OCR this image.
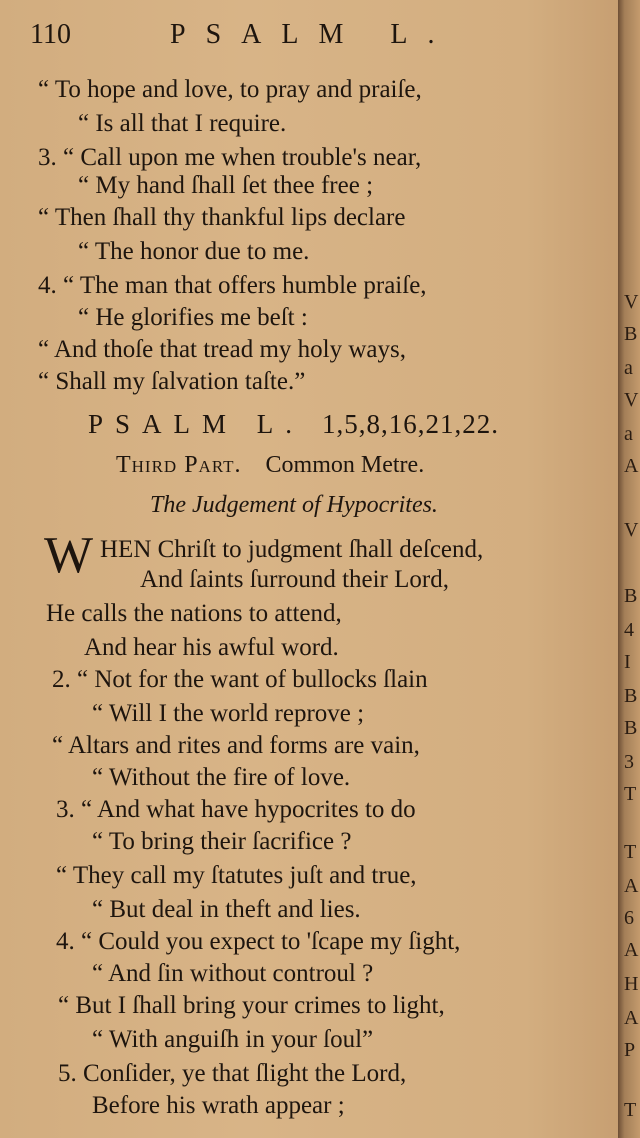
110	PSALM L.
“ To hope and love, to pray and praiſe,
“ Is all that I require.
3. “ Call upon me when trouble's near,
“ My hand ſhall ſet thee free ;
“ Then ſhall thy thankful lips declare
“ The honor due to me.
4. “ The man that offers humble praiſe,
“ He glorifies me beſt :
“ And thoſe that tread my holy ways,
“ Shall my ſalvation taſte.”
PSALM L. 1,5,8,16,21,22.
Third Part. Common Metre.
The Judgement of Hypocrites.
W HEN Chriſt to judgment ſhall deſcend,
And ſaints ſurround their Lord,
He calls the nations to attend,
And hear his awful word.
2. “ Not for the want of bullocks ſlain
“ Will I the world reprove ;
“ Altars and rites and forms are vain,
“ Without the fire of love.
3. “ And what have hypocrites to do
“ To bring their ſacrifice ?
“ They call my ſtatutes juſt and true,
“ But deal in theft and lies.
4. “ Could you expect to 'ſcape my ſight,
“ And ſin without controul ?
“ But I ſhall bring your crimes to light,
“ With anguiſh in your ſoul”
5. Conſider, ye that ſlight the Lord,
Before his wrath appear ;
V
B
a
V
a
A
V
B
4
I
B
B
3
T
T
A
6
A
H
A
P
T
